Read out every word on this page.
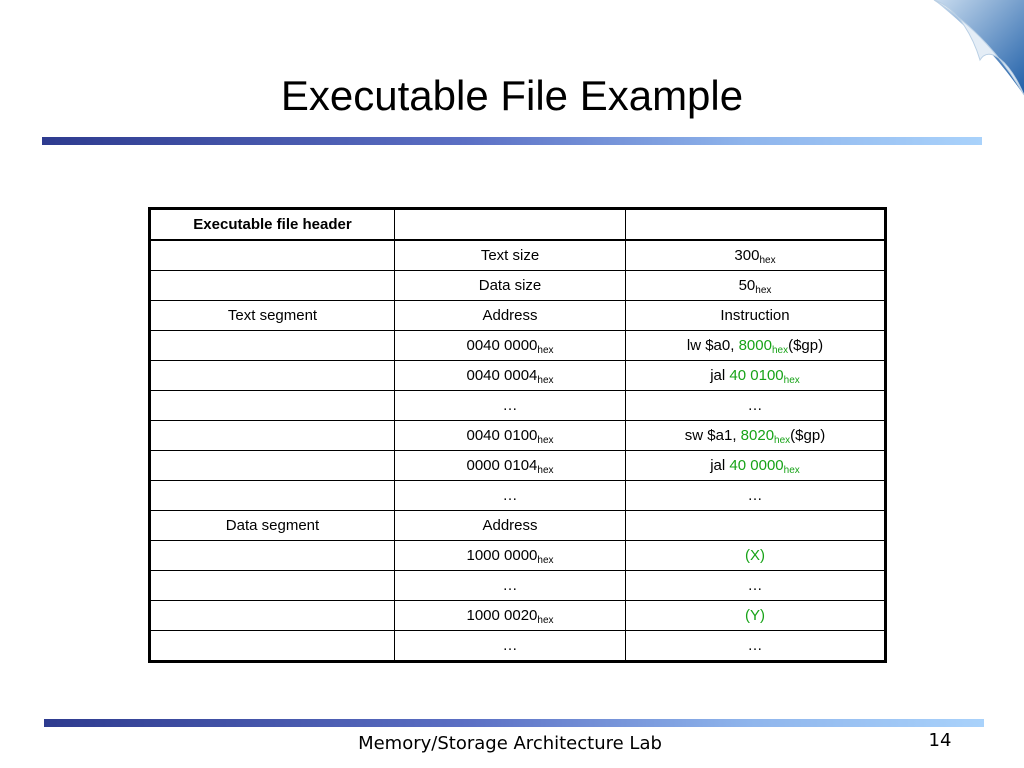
Executable File Example
Executable file header		
	Text size	$300_{hex}$
	Data size	$50_{hex}$
Text segment	Address	Instruction
	0040 $0000_{hex}$	lw $a0, $8000_{hex}(\$gp)$
	0040 $0004_{hex}$	jal 40 $0100_{hex}$
	…	…
	0040 $0100_{hex}$	sw $a1, $8020_{hex}(\$gp)$
	0000 $0104_{hex}$	jal 40 $0000_{hex}$
	…	…
Data segment	Address	
	1000 $0000_{hex}$	(X)
	…	…
	1000 $0020_{hex}$	(Y)
	…	…
Memory/Storage Architecture Lab	14
